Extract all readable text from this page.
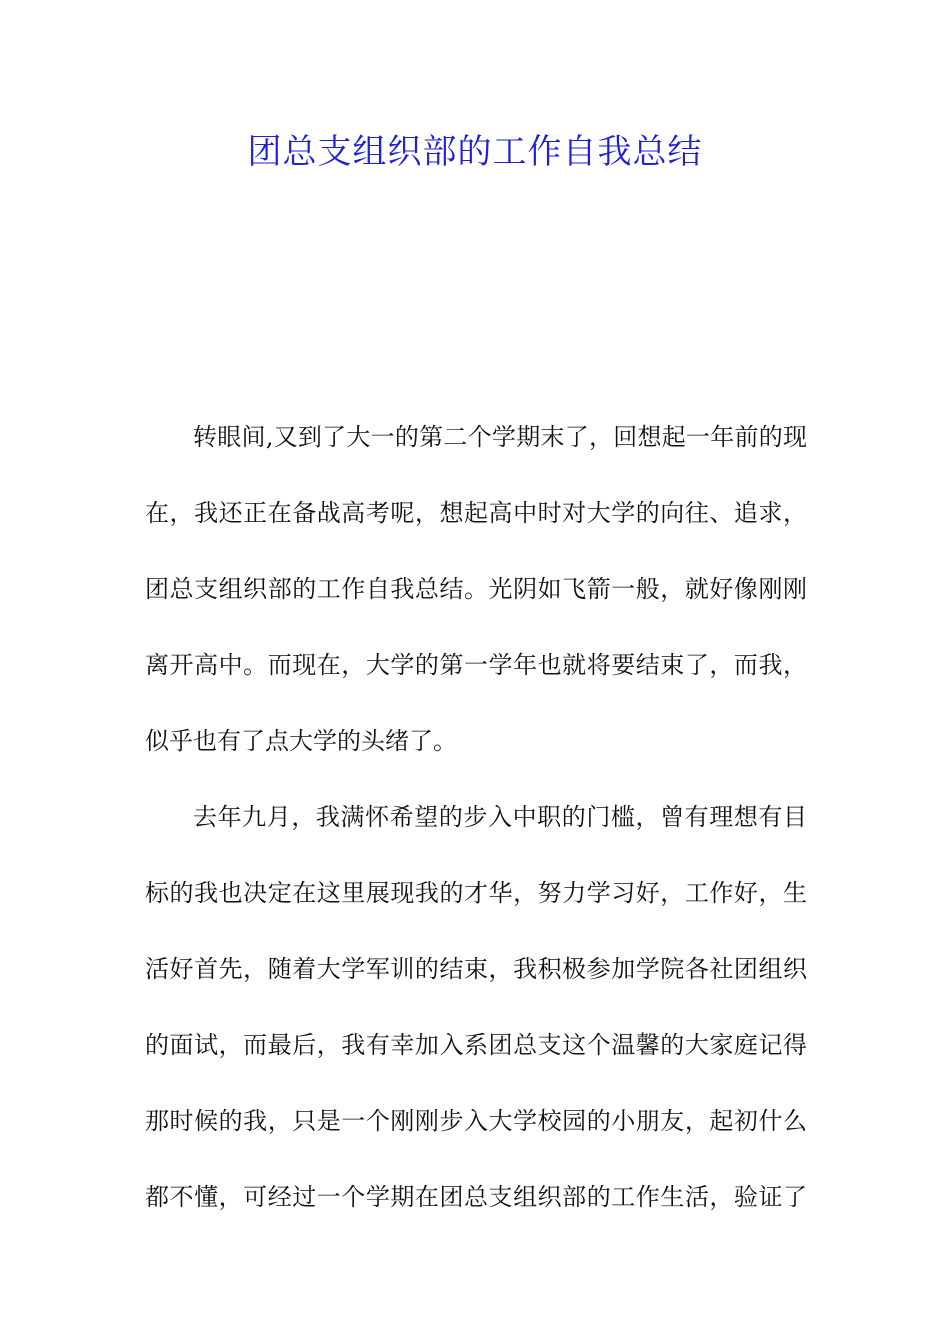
团总支组织部的工作自我总结
转眼间,又到了大一的第二个学期末了，回想起一年前的现
在，我还正在备战高考呢，想起高中时对大学的向往、追求，
团总支组织部的工作自我总结。光阴如飞箭一般，就好像刚刚
离开高中。而现在，大学的第一学年也就将要结束了，而我，
似乎也有了点大学的头绪了。
去年九月，我满怀希望的步入中职的门槛，曾有理想有目
标的我也决定在这里展现我的才华，努力学习好，工作好，生
活好首先，随着大学军训的结束，我积极参加学院各社团组织
的面试，而最后，我有幸加入系团总支这个温馨的大家庭记得
那时候的我，只是一个刚刚步入大学校园的小朋友，起初什么
都不懂，可经过一个学期在团总支组织部的工作生活，验证了
